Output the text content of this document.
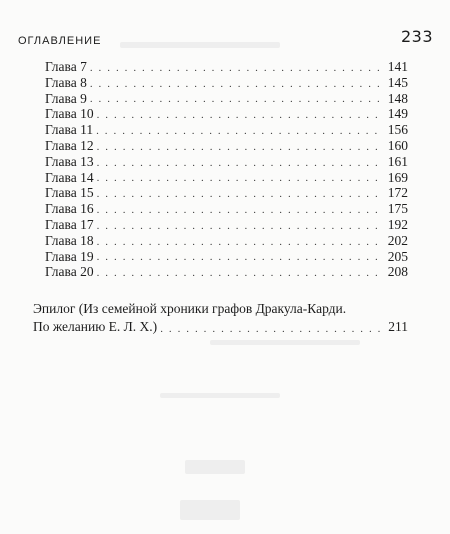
ОГЛАВЛЕНИЕ	233
Глава 7 . . .	141
Глава 8 . . .	145
Глава 9 . . .	148
Глава 10 . . .	149
Глава 11 . . .	156
Глава 12 . . .	160
Глава 13 . . .	161
Глава 14 . . .	169
Глава 15 . . .	172
Глава 16 . . .	175
Глава 17 . . .	192
Глава 18 . . .	202
Глава 19 . . .	205
Глава 20 . . .	208
Эпилог (Из семейной хроники графов Дракула-Карди.
По желанию Е. Л. Х.) . . .	211
